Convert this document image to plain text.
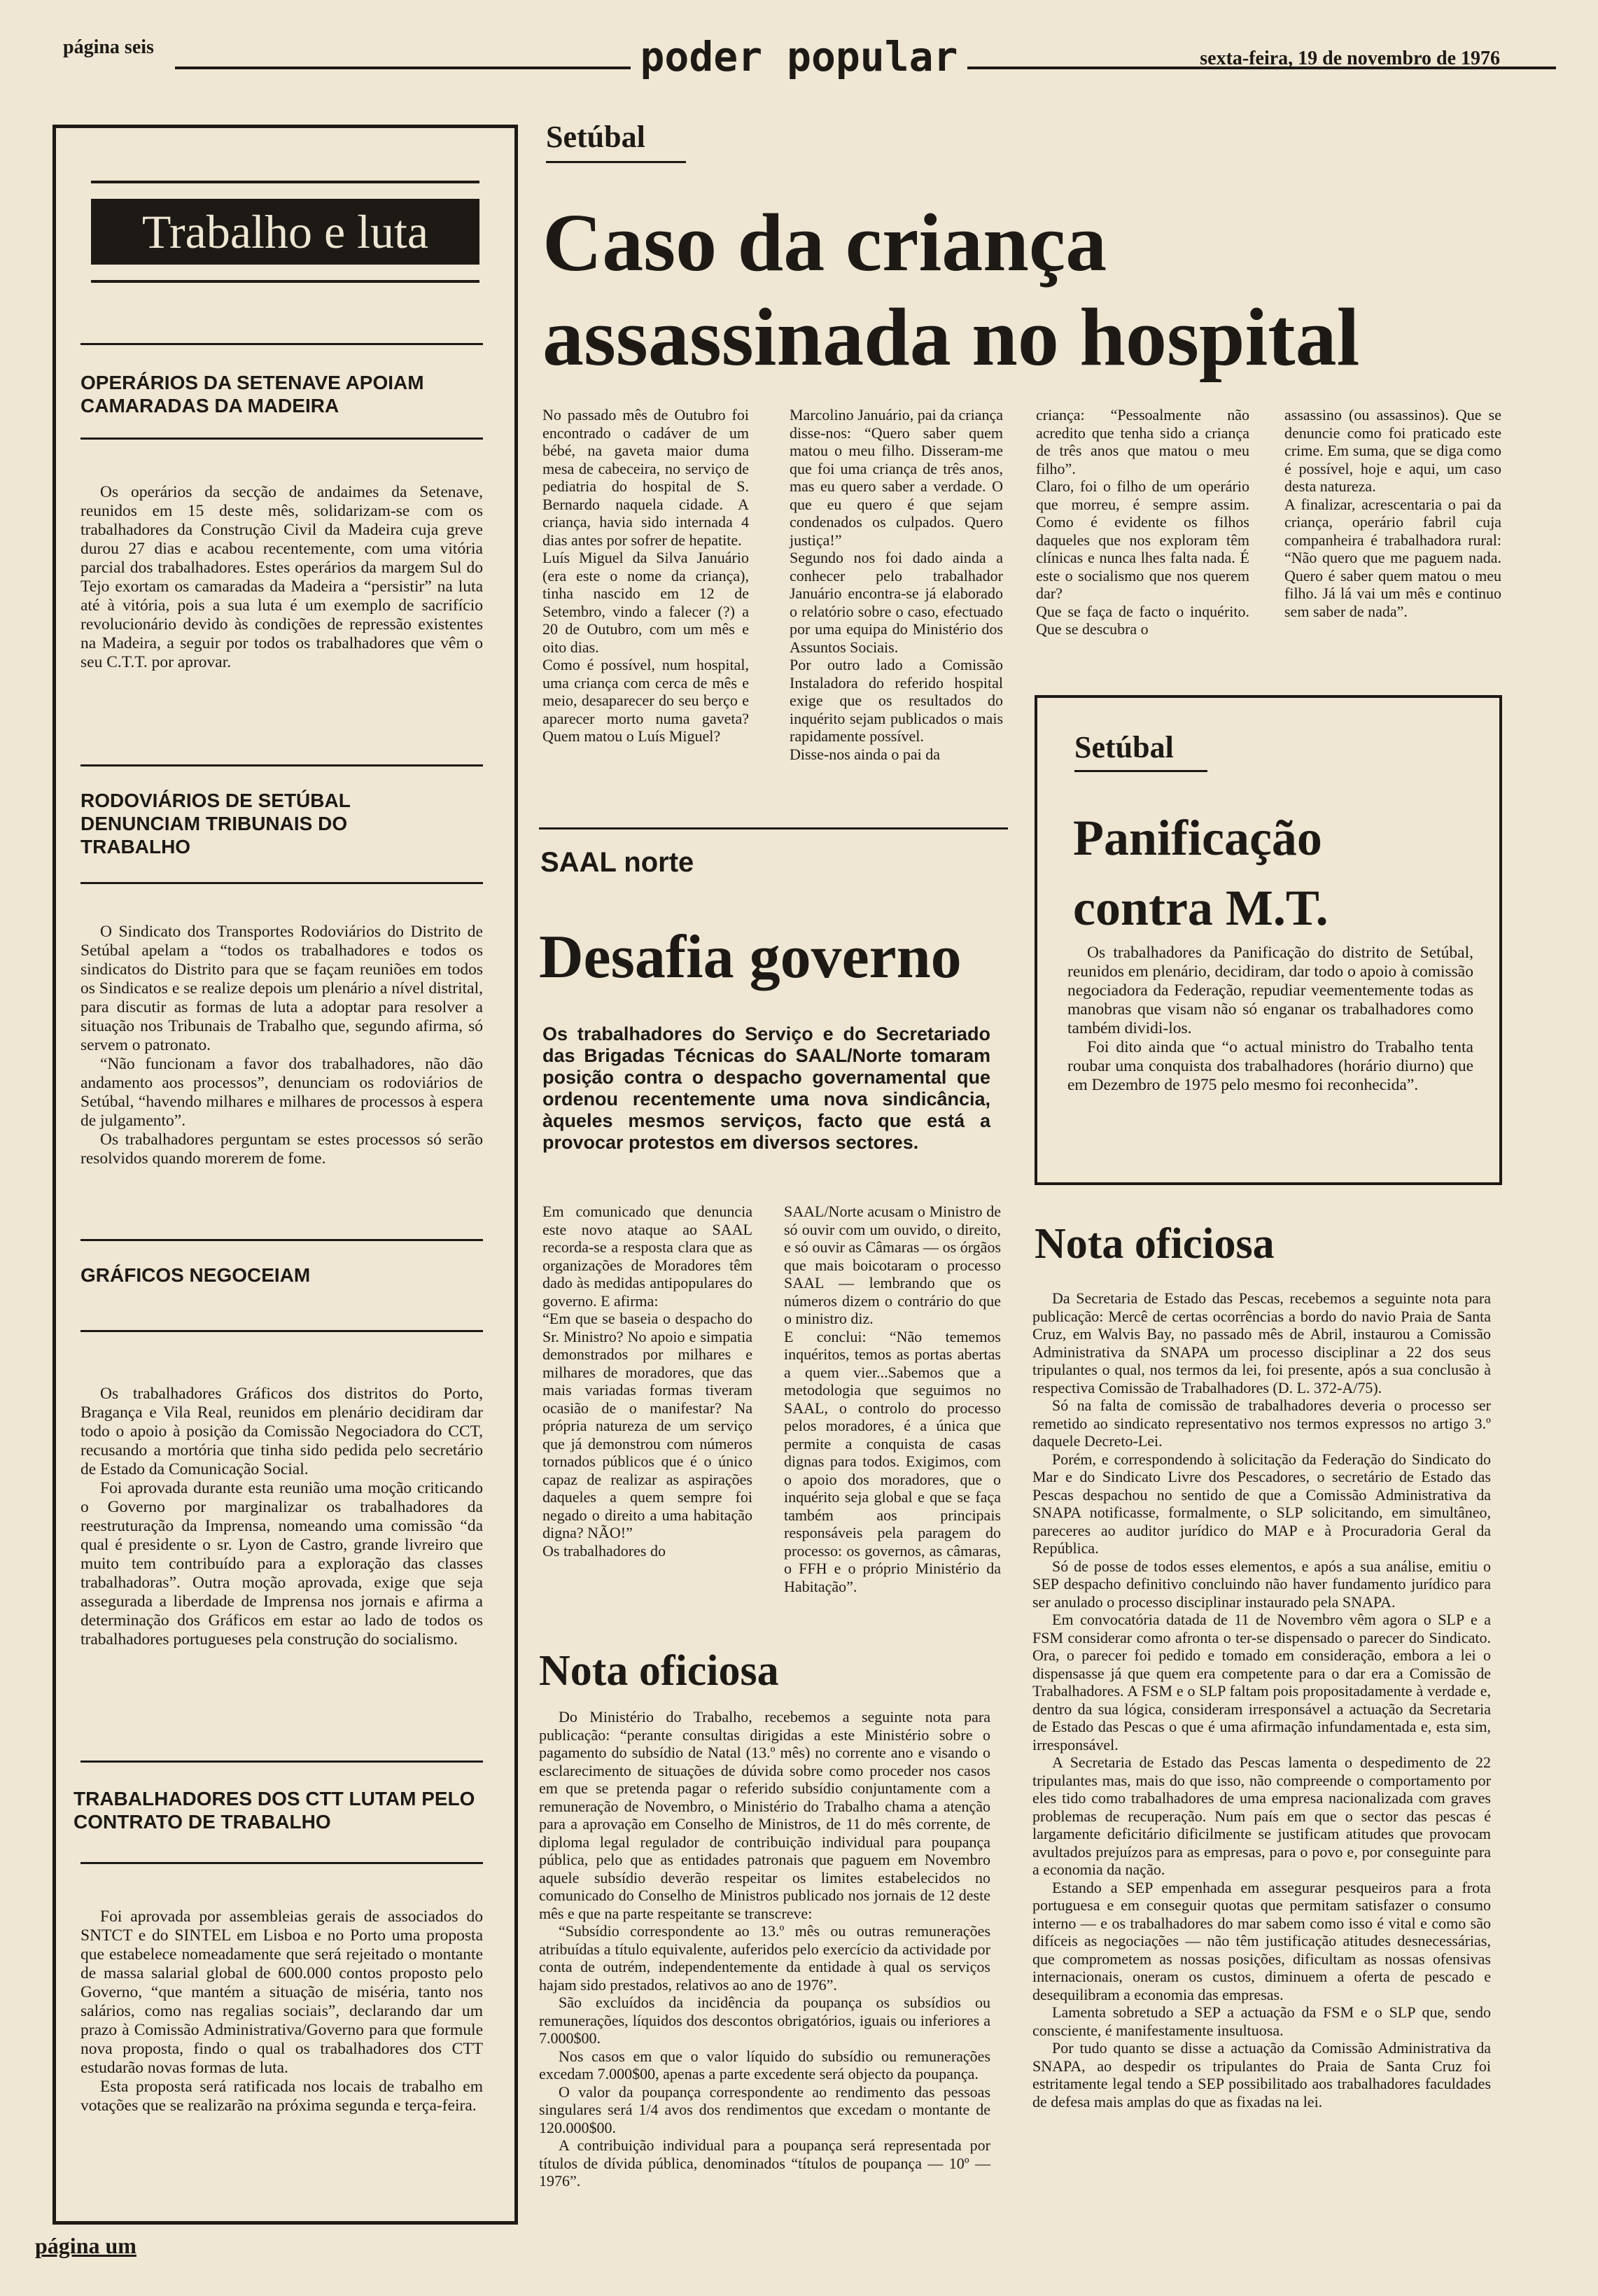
página seis	poder popular	sexta-feira, 19 de novembro de 1976
Trabalho e luta
OPERÁRIOS DA SETENAVE APOIAM CAMARADAS DA MADEIRA

Os operários da secção de andaimes da Setenave, reunidos em 15 deste mês, solidarizam-se com os trabalhadores da Construção Civil da Madeira cuja greve durou 27 dias e acabou recentemente, com uma vitória parcial dos trabalhadores. Estes operários da margem Sul do Tejo exortam os camaradas da Madeira a “persistir” na luta até à vitória, pois a sua luta é um exemplo de sacrifício revolucionário devido às condições de repressão existentes na Madeira, a seguir por todos os trabalhadores que vêm o seu C.T.T. por aprovar.

RODOVIÁRIOS DE SETÚBAL DENUNCIAM TRIBUNAIS DO TRABALHO

O Sindicato dos Transportes Rodoviários do Distrito de Setúbal apelam a “todos os trabalhadores e todos os sindicatos do Distrito para que se façam reuniões em todos os Sindicatos e se realize depois um plenário a nível distrital, para discutir as formas de luta a adoptar para resolver a situação nos Tribunais de Trabalho que, segundo afirma, só servem o patronato.

“Não funcionam a favor dos trabalhadores, não dão andamento aos processos”, denunciam os rodoviários de Setúbal, “havendo milhares e milhares de processos à espera de julgamento”.

Os trabalhadores perguntam se estes processos só serão resolvidos quando morerem de fome.

GRÁFICOS NEGOCEIAM

Os trabalhadores Gráficos dos distritos do Porto, Bragança e Vila Real, reunidos em plenário decidiram dar todo o apoio à posição da Comissão Negociadora do CCT, recusando a mortória que tinha sido pedida pelo secretário de Estado da Comunicação Social.

Foi aprovada durante esta reunião uma moção criticando o Governo por marginalizar os trabalhadores da reestruturação da Imprensa, nomeando uma comissão “da qual é presidente o sr. Lyon de Castro, grande livreiro que muito tem contribuído para a exploração das classes trabalhadoras”. Outra moção aprovada, exige que seja assegurada a liberdade de Imprensa nos jornais e afirma a determinação dos Gráficos em estar ao lado de todos os trabalhadores portugueses pela construção do socialismo.

TRABALHADORES DOS CTT LUTAM PELO CONTRATO DE TRABALHO

Foi aprovada por assembleias gerais de associados do SNTCT e do SINTEL em Lisboa e no Porto uma proposta que estabelece nomeadamente que será rejeitado o montante de massa salarial global de 600.000 contos proposto pelo Governo, “que mantém a situação de miséria, tanto nos salários, como nas regalias sociais”, declarando dar um prazo à Comissão Administrativa/Governo para que formule nova proposta, findo o qual os trabalhadores dos CTT estudarão novas formas de luta.

Esta proposta será ratificada nos locais de trabalho em votações que se realizarão na próxima segunda e terça-feira.

Setúbal
Caso da criança
assassinada no hospital
No passado mês de Outubro foi encontrado o cadáver de um bébé, na gaveta maior duma mesa de cabeceira, no serviço de pediatria do hospital de S. Bernardo naquela cidade. A criança, havia sido internada 4 dias antes por sofrer de hepatite.
Luís Miguel da Silva Januário (era este o nome da criança), tinha nascido em 12 de Setembro, vindo a falecer (?) a 20 de Outubro, com um mês e oito dias.
Como é possível, num hospital, uma criança com cerca de mês e meio, desaparecer do seu berço e aparecer morto numa gaveta? Quem matou o Luís Miguel?
Marcolino Januário, pai da criança disse-nos: “Quero saber quem matou o meu filho. Disseram-me que foi uma criança de três anos, mas eu quero saber a verdade. O que eu quero é que sejam condenados os culpados. Quero justiça!”
Segundo nos foi dado ainda a conhecer pelo trabalhador Januário encontra-se já elaborado o relatório sobre o caso, efectuado por uma equipa do Ministério dos Assuntos Sociais.
Por outro lado a Comissão Instaladora do referido hospital exige que os resultados do inquérito sejam publicados o mais rapidamente possível.
Disse-nos ainda o pai da
criança: “Pessoalmente não acredito que tenha sido a criança de três anos que matou o meu filho”.
Claro, foi o filho de um operário que morreu, é sempre assim. Como é evidente os filhos daqueles que nos exploram têm clínicas e nunca lhes falta nada. É este o socialismo que nos querem dar?
Que se faça de facto o inquérito. Que se descubra o
assassino (ou assassinos). Que se denuncie como foi praticado este crime. Em suma, que se diga como é possível, hoje e aqui, um caso desta natureza.
A finalizar, acrescentaria o pai da criança, operário fabril cuja companheira é trabalhadora rural: “Não quero que me paguem nada. Quero é saber quem matou o meu filho. Já lá vai um mês e continuo sem saber de nada”.
SAAL norte
Desafia governo
Os trabalhadores do Serviço e do Secretariado das Brigadas Técnicas do SAAL/Norte tomaram posição contra o despacho governamental que ordenou recentemente uma nova sindicância, àqueles mesmos serviços, facto que está a provocar protestos em diversos sectores.
Em comunicado que denuncia este novo ataque ao SAAL recorda-se a resposta clara que as organizações de Moradores têm dado às medidas antipopulares do governo. E afirma:
“Em que se baseia o despacho do Sr. Ministro? No apoio e simpatia demonstrados por milhares e milhares de moradores, que das mais variadas formas tiveram ocasião de o manifestar? Na própria natureza de um serviço que já demonstrou com números tornados públicos que é o único capaz de realizar as aspirações daqueles a quem sempre foi negado o direito a uma habitação digna? NÃO!”
Os trabalhadores do
SAAL/Norte acusam o Ministro de só ouvir com um ouvido, o direito, e só ouvir as Câmaras — os órgãos que mais boicotaram o processo SAAL — lembrando que os números dizem o contrário do que o ministro diz.
E conclui: “Não tememos inquéritos, temos as portas abertas a quem vier...Sabemos que a metodologia que seguimos no SAAL, o controlo do processo pelos moradores, é a única que permite a conquista de casas dignas para todos. Exigimos, com o apoio dos moradores, que o inquérito seja global e que se faça também aos principais responsáveis pela paragem do processo: os governos, as câmaras, o FFH e o próprio Ministério da Habitação”.
Nota oficiosa

Do Ministério do Trabalho, recebemos a seguinte nota para publicação: “perante consultas dirigidas a este Ministério sobre o pagamento do subsídio de Natal (13.º mês) no corrente ano e visando o esclarecimento de situações de dúvida sobre como proceder nos casos em que se pretenda pagar o referido subsídio conjuntamente com a remuneração de Novembro, o Ministério do Trabalho chama a atenção para a aprovação em Conselho de Ministros, de 11 do mês corrente, de diploma legal regulador de contribuição individual para poupança pública, pelo que as entidades patronais que paguem em Novembro aquele subsídio deverão respeitar os limites estabelecidos no comunicado do Conselho de Ministros publicado nos jornais de 12 deste mês e que na parte respeitante se transcreve:

“Subsídio correspondente ao 13.º mês ou outras remunerações atribuídas a título equivalente, auferidos pelo exercício da actividade por conta de outrém, independentemente da entidade à qual os serviços hajam sido prestados, relativos ao ano de 1976”.

São excluídos da incidência da poupança os subsídios ou remunerações, líquidos dos descontos obrigatórios, iguais ou inferiores a 7.000$00.

Nos casos em que o valor líquido do subsídio ou remunerações excedam 7.000$00, apenas a parte excedente será objecto da poupança.

O valor da poupança correspondente ao rendimento das pessoas singulares será 1/4 avos dos rendimentos que excedam o montante de 120.000$00.

A contribuição individual para a poupança será representada por títulos de dívida pública, denominados “títulos de poupança — 10º — 1976”.

Setúbal
Panificação
contra M.T.

Os trabalhadores da Panificação do distrito de Setúbal, reunidos em plenário, decidiram, dar todo o apoio à comissão negociadora da Federação, repudiar veementemente todas as manobras que visam não só enganar os trabalhadores como também dividi-los.

Foi dito ainda que “o actual ministro do Trabalho tenta roubar uma conquista dos trabalhadores (horário diurno) que em Dezembro de 1975 pelo mesmo foi reconhecida”.

Nota oficiosa

Da Secretaria de Estado das Pescas, recebemos a seguinte nota para publicação: Mercê de certas ocorrências a bordo do navio Praia de Santa Cruz, em Walvis Bay, no passado mês de Abril, instaurou a Comissão Administrativa da SNAPA um processo disciplinar a 22 dos seus tripulantes o qual, nos termos da lei, foi presente, após a sua conclusão à respectiva Comissão de Trabalhadores (D. L. 372-A/75).

Só na falta de comissão de trabalhadores deveria o processo ser remetido ao sindicato representativo nos termos expressos no artigo 3.º daquele Decreto-Lei.

Porém, e correspondendo à solicitação da Federação do Sindicato do Mar e do Sindicato Livre dos Pescadores, o secretário de Estado das Pescas despachou no sentido de que a Comissão Administrativa da SNAPA notificasse, formalmente, o SLP solicitando, em simultâneo, pareceres ao auditor jurídico do MAP e à Procuradoria Geral da República.

Só de posse de todos esses elementos, e após a sua análise, emitiu o SEP despacho definitivo concluindo não haver fundamento jurídico para ser anulado o processo disciplinar instaurado pela SNAPA.

Em convocatória datada de 11 de Novembro vêm agora o SLP e a FSM considerar como afronta o ter-se dispensado o parecer do Sindicato. Ora, o parecer foi pedido e tomado em consideração, embora a lei o dispensasse já que quem era competente para o dar era a Comissão de Trabalhadores. A FSM e o SLP faltam pois propositadamente à verdade e, dentro da sua lógica, consideram irresponsável a actuação da Secretaria de Estado das Pescas o que é uma afirmação infundamentada e, esta sim, irresponsável.

A Secretaria de Estado das Pescas lamenta o despedimento de 22 tripulantes mas, mais do que isso, não compreende o comportamento por eles tido como trabalhadores de uma empresa nacionalizada com graves problemas de recuperação. Num país em que o sector das pescas é largamente deficitário dificilmente se justificam atitudes que provocam avultados prejuízos para as empresas, para o povo e, por conseguinte para a economia da nação.

Estando a SEP empenhada em assegurar pesqueiros para a frota portuguesa e em conseguir quotas que permitam satisfazer o consumo interno — e os trabalhadores do mar sabem como isso é vital e como são difíceis as negociações — não têm justificação atitudes desnecessárias, que comprometem as nossas posições, dificultam as nossas ofensivas internacionais, oneram os custos, diminuem a oferta de pescado e desequilibram a economia das empresas.

Lamenta sobretudo a SEP a actuação da FSM e o SLP que, sendo consciente, é manifestamente insultuosa.

Por tudo quanto se disse a actuação da Comissão Administrativa da SNAPA, ao despedir os tripulantes do Praia de Santa Cruz foi estritamente legal tendo a SEP possibilitado aos trabalhadores faculdades de defesa mais amplas do que as fixadas na lei.

página um
